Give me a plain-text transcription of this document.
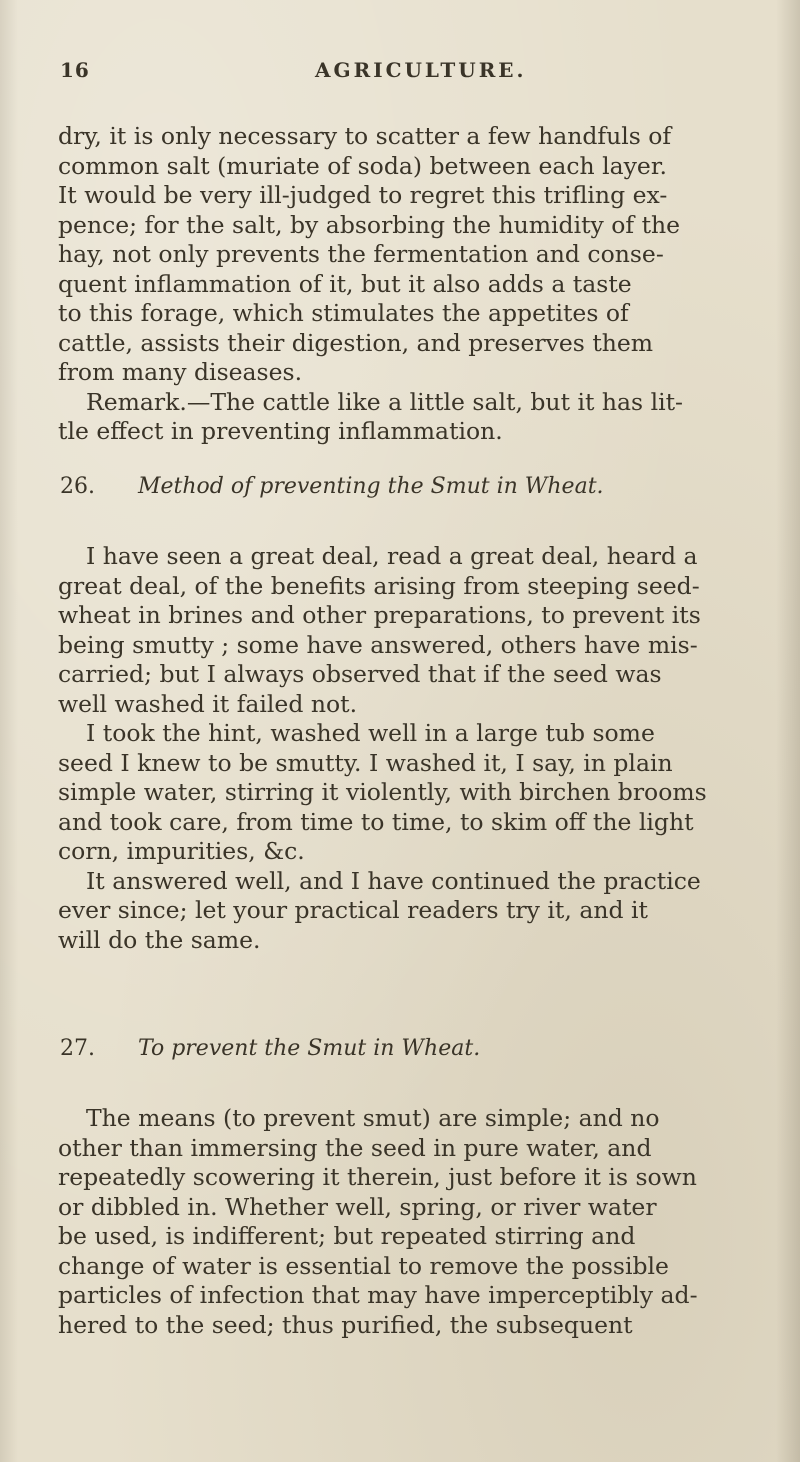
16	AGRICULTURE.
dry, it is only necessary to scatter a few handfuls of
common salt (muriate of soda) between each layer.
It would be very ill-judged to regret this trifling ex-
pence; for the salt, by absorbing the humidity of the
hay, not only prevents the fermentation and conse-
quent inflammation of it, but it also adds a taste
to this forage, which stimulates the appetites of
cattle, assists their digestion, and preserves them
from many diseases.
Remark.—The cattle like a little salt, but it has lit-
tle effect in preventing inflammation.
26. Method of preventing the Smut in Wheat.
I have seen a great deal, read a great deal, heard a
great deal, of the benefits arising from steeping seed-
wheat in brines and other preparations, to prevent its
being smutty ; some have answered, others have mis-
carried; but I always observed that if the seed was
well washed it failed not.
I took the hint, washed well in a large tub some
seed I knew to be smutty. I washed it, I say, in plain
simple water, stirring it violently, with birchen brooms
and took care, from time to time, to skim off the light
corn, impurities, &c.
It answered well, and I have continued the practice
ever since; let your practical readers try it, and it
will do the same.
27. To prevent the Smut in Wheat.
The means (to prevent smut) are simple; and no
other than immersing the seed in pure water, and
repeatedly scowering it therein, just before it is sown
or dibbled in. Whether well, spring, or river water
be used, is indifferent; but repeated stirring and
change of water is essential to remove the possible
particles of infection that may have imperceptibly ad-
hered to the seed; thus purified, the subsequent
